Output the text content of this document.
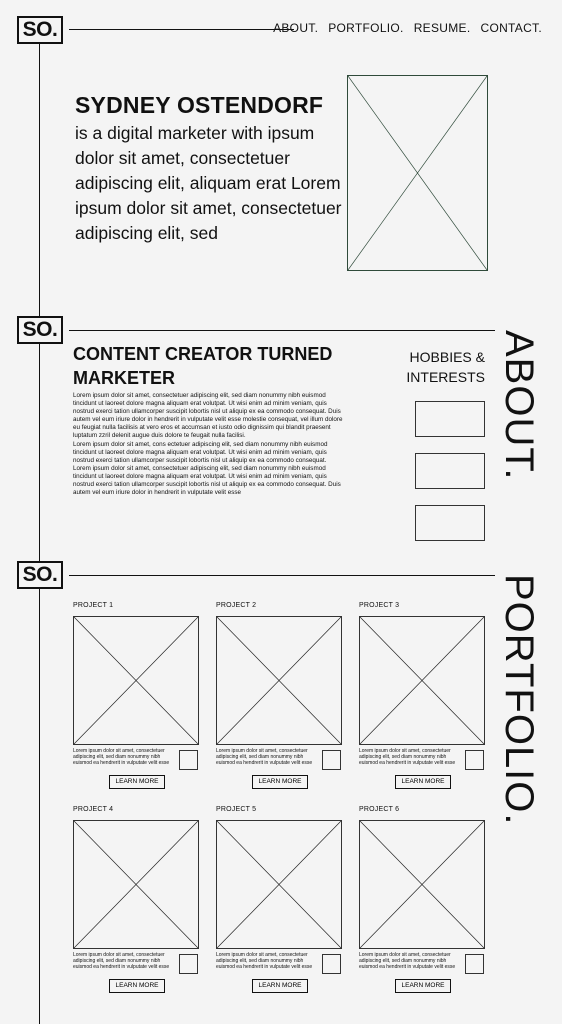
SO.	ABOUT. PORTFOLIO. RESUME. CONTACT.
SYDNEY OSTENDORF

is a digital marketer with ipsum dolor sit amet, consectetuer adipiscing elit, aliquam erat Lorem ipsum dolor sit amet, consectetuer adipiscing elit, sed

SO.
CONTENT CREATOR TURNED MARKETER

Lorem ipsum dolor sit amet, consectetuer adipiscing elit, sed diam nonummy nibh euismod tincidunt ut laoreet dolore magna aliquam erat volutpat. Ut wisi enim ad minim veniam, quis nostrud exerci tation ullamcorper suscipit lobortis nisl ut aliquip ex ea commodo consequat. Duis autem vel eum iriure dolor in hendrerit in vulputate velit esse molestie consequat, vel illum dolore eu feugiat nulla facilisis at vero eros et accumsan et iusto odio dignissim qui blandit praesent luptatum zzril delenit augue duis dolore te feugait nulla facilisi.

Lorem ipsum dolor sit amet, cons ectetuer adipiscing elit, sed diam nonummy nibh euismod tincidunt ut laoreet dolore magna aliquam erat volutpat. Ut wisi enim ad minim veniam, quis nostrud exerci tation ullamcorper suscipit lobortis nisl ut aliquip ex ea commodo consequat.

Lorem ipsum dolor sit amet, consectetuer adipiscing elit, sed diam nonummy nibh euismod tincidunt ut laoreet dolore magna aliquam erat volutpat. Ut wisi enim ad minim veniam, quis nostrud exerci tation ullamcorper suscipit lobortis nisl ut aliquip ex ea commodo consequat. Duis autem vel eum iriure dolor in hendrerit in vulputate velit esse

HOBBIES & INTERESTS ABOUT.
SO.	PORTFOLIO.
PROJECT 1
Lorem ipsum dolor sit amet, consectetuer adipiscing elit, sed diam nonummy nibh euismod ea hendrerit in vulputate velit esse
LEARN MORE
PROJECT 2
Lorem ipsum dolor sit amet, consectetuer adipiscing elit, sed diam nonummy nibh euismod ea hendrerit in vulputate velit esse
LEARN MORE
PROJECT 3
Lorem ipsum dolor sit amet, consectetuer adipiscing elit, sed diam nonummy nibh euismod ea hendrerit in vulputate velit esse
LEARN MORE
PROJECT 4
Lorem ipsum dolor sit amet, consectetuer adipiscing elit, sed diam nonummy nibh euismod ea hendrerit in vulputate velit esse
LEARN MORE
PROJECT 5
Lorem ipsum dolor sit amet, consectetuer adipiscing elit, sed diam nonummy nibh euismod ea hendrerit in vulputate velit esse
LEARN MORE
PROJECT 6
Lorem ipsum dolor sit amet, consectetuer adipiscing elit, sed diam nonummy nibh euismod ea hendrerit in vulputate velit esse
LEARN MORE
